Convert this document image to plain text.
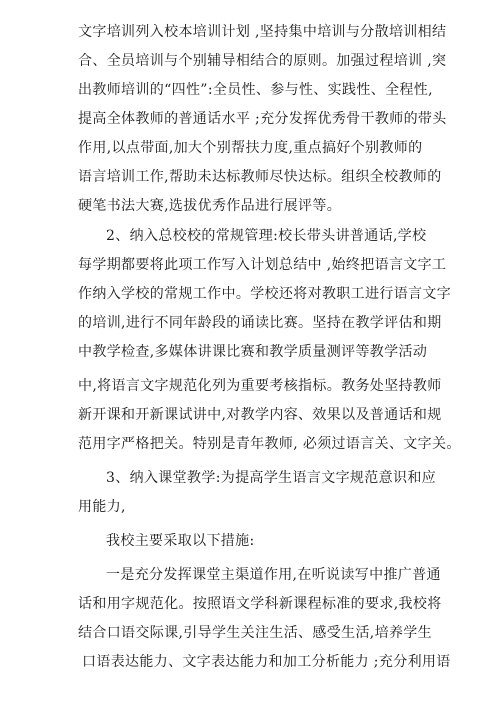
文字培训列入校本培训计划 ,坚持集中培训与分散培训相结
合、全员培训与个别辅导相结合的原则。加强过程培训 ,突
出教师培训的“四性”:全员性、参与性、实践性、全程性,
提高全体教师的普通话水平 ;充分发挥优秀骨干教师的带头
作用,以点带面,加大个别帮扶力度,重点搞好个别教师的
语言培训工作,帮助未达标教师尽快达标。组织全校教师的
硬笔书法大赛,选拔优秀作品进行展评等。
2、纳入总校校的常规管理:校长带头讲普通话,学校
每学期都要将此项工作写入计划总结中 ,始终把语言文字工
作纳入学校的常规工作中。学校还将对教职工进行语言文字
的培训,进行不同年龄段的诵读比赛。坚持在教学评估和期
中教学检查,多媒体讲课比赛和教学质量测评等教学活动
中,将语言文字规范化列为重要考核指标。教务处坚持教师
新开课和开新课试讲中,对教学内容、效果以及普通话和规
范用字严格把关。特别是青年教师, 必须过语言关、文字关。
3、纳入课堂教学:为提高学生语言文字规范意识和应
用能力,
我校主要采取以下措施:
一是充分发挥课堂主渠道作用,在听说读写中推广普通
话和用字规范化。按照语文学科新课程标准的要求,我校将
结合口语交际课,引导学生关注生活、感受生活,培养学生
口语表达能力、文字表达能力和加工分析能力 ;充分利用语
